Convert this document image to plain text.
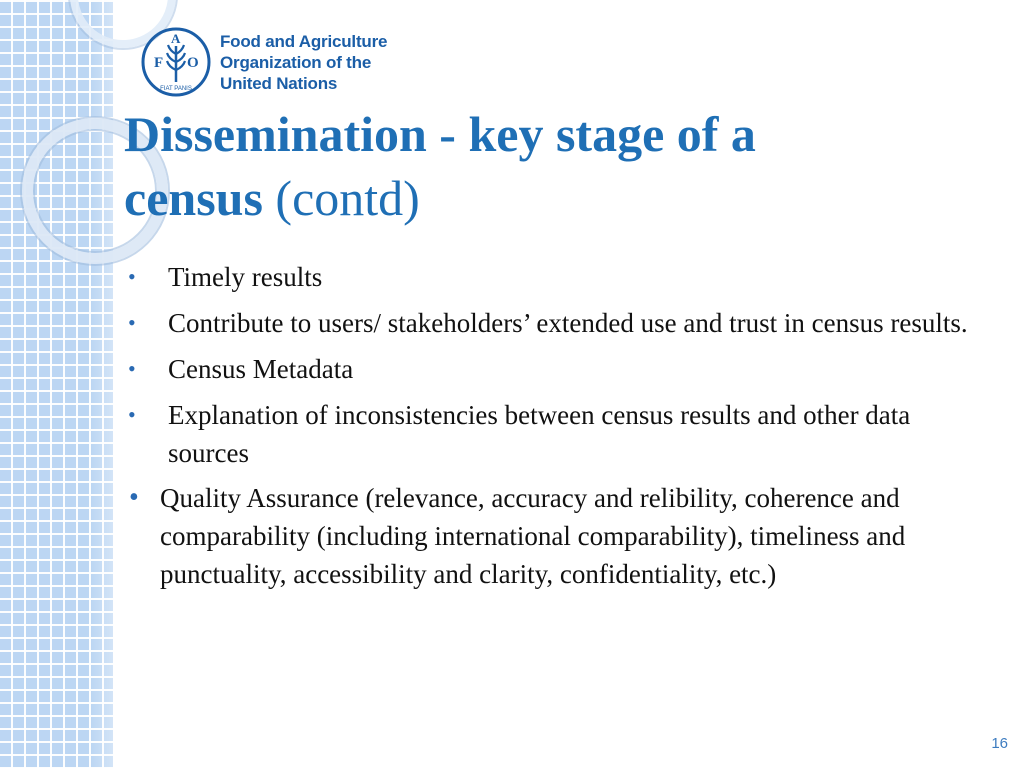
F
A
O
FIAT PANIS
Food and Agriculture
Organization of the
United Nations
Dissemination - key stage of a
census (contd)
• Timely results
• Contribute to users/ stakeholders’ extended use and trust in census results.
• Census Metadata
• Explanation of inconsistencies between census results and other data sources
• Quality Assurance (relevance, accuracy and relibility, coherence and comparability (including international comparability), timeliness and punctuality, accessibility and clarity, confidentiality, etc.)
16
